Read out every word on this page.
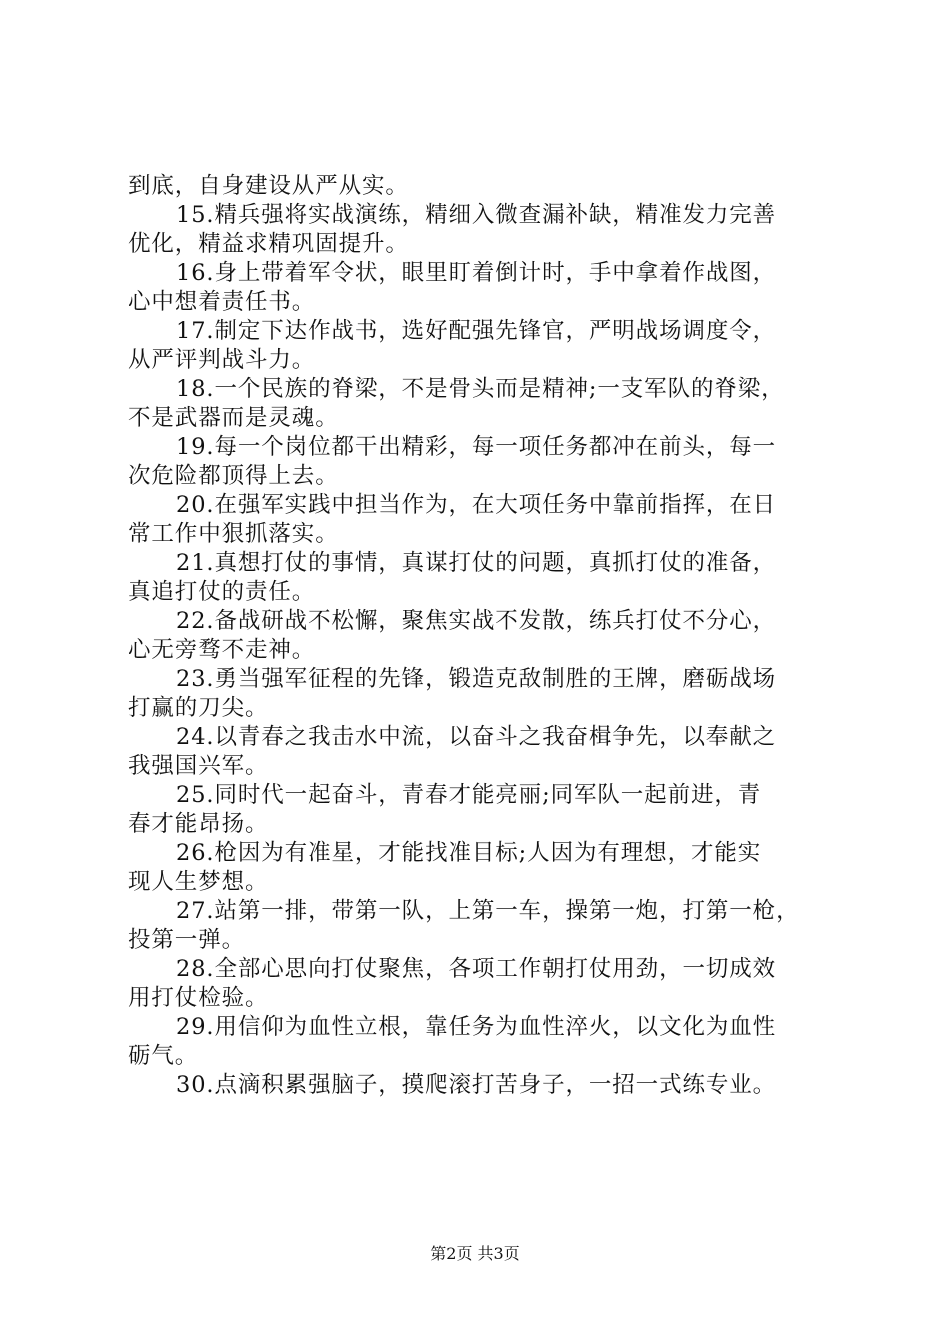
到底，自身建设从严从实。
15.精兵强将实战演练，精细入微查漏补缺，精准发力完善
优化，精益求精巩固提升。
16.身上带着军令状，眼里盯着倒计时，手中拿着作战图，
心中想着责任书。
17.制定下达作战书，选好配强先锋官，严明战场调度令，
从严评判战斗力。
18.一个民族的脊梁，不是骨头而是精神;一支军队的脊梁，
不是武器而是灵魂。
19.每一个岗位都干出精彩，每一项任务都冲在前头，每一
次危险都顶得上去。
20.在强军实践中担当作为，在大项任务中靠前指挥，在日
常工作中狠抓落实。
21.真想打仗的事情，真谋打仗的问题，真抓打仗的准备，
真追打仗的责任。
22.备战研战不松懈，聚焦实战不发散，练兵打仗不分心，
心无旁骛不走神。
23.勇当强军征程的先锋，锻造克敌制胜的王牌，磨砺战场
打赢的刀尖。
24.以青春之我击水中流，以奋斗之我奋楫争先，以奉献之
我强国兴军。
25.同时代一起奋斗，青春才能亮丽;同军队一起前进，青
春才能昂扬。
26.枪因为有准星，才能找准目标;人因为有理想，才能实
现人生梦想。
27.站第一排，带第一队，上第一车，操第一炮，打第一枪，
投第一弹。
28.全部心思向打仗聚焦，各项工作朝打仗用劲，一切成效
用打仗检验。
29.用信仰为血性立根，靠任务为血性淬火，以文化为血性
砺气。
30.点滴积累强脑子，摸爬滚打苦身子，一招一式练专业。
第2页 共3页
